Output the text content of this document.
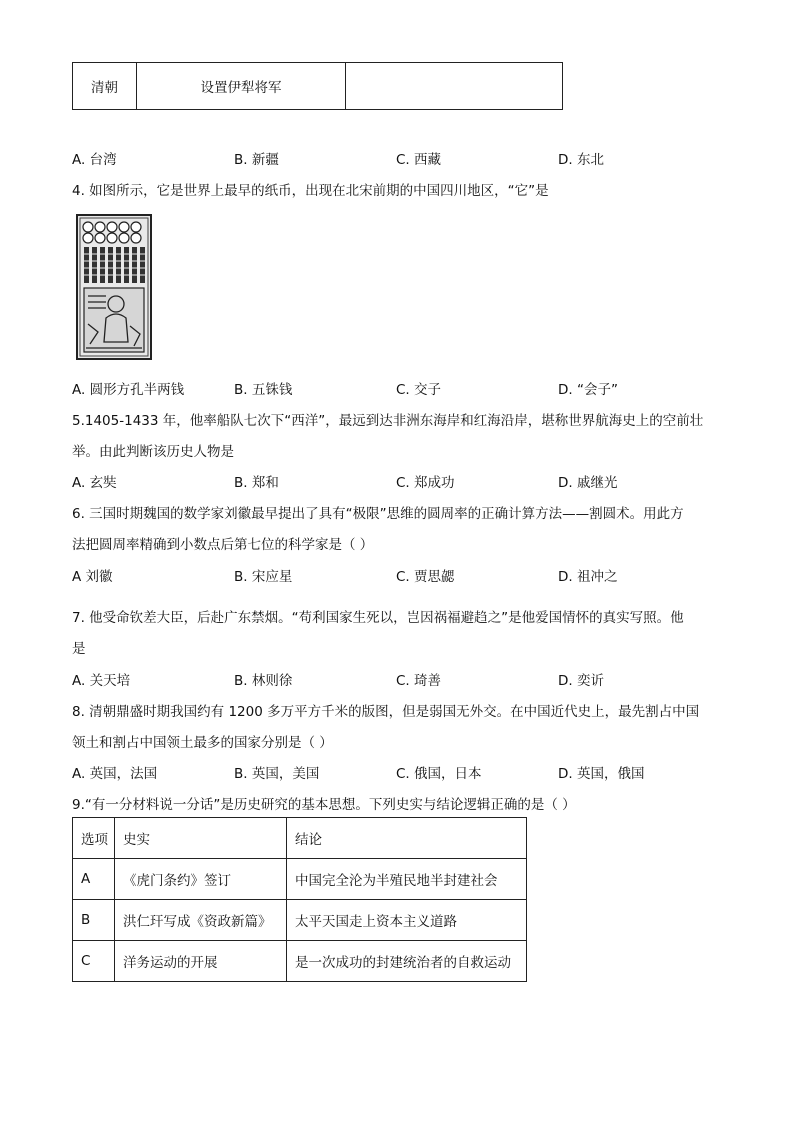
清朝	设置伊犁将军	
A. 台湾	B. 新疆	C. 西藏	D. 东北
4. 如图所示，它是世界上最早的纸币，出现在北宋前期的中国四川地区，“它”是
A. 圆形方孔半两钱	B. 五铢钱	C. 交子	D. “会子”
5.1405-1433 年，他率船队七次下“西洋”，最远到达非洲东海岸和红海沿岸，堪称世界航海史上的空前壮
举。由此判断该历史人物是
A. 玄奘	B. 郑和	C. 郑成功	D. 戚继光
6. 三国时期魏国的数学家刘徽最早提出了具有“极限”思维的圆周率的正确计算方法——割圆术。用此方
法把圆周率精确到小数点后第七位的科学家是（ ）
A 刘徽	B. 宋应星	C. 贾思勰	D. 祖冲之
7. 他受命钦差大臣，后赴广东禁烟。“苟利国家生死以，岂因祸福避趋之”是他爱国情怀的真实写照。他
是
A. 关天培	B. 林则徐	C. 琦善	D. 奕䜣
8. 清朝鼎盛时期我国约有 1200 多万平方千米的版图，但是弱国无外交。在中国近代史上，最先割占中国
领土和割占中国领土最多的国家分别是（ ）
A. 英国，法国	B. 英国，美国	C. 俄国，日本	D. 英国，俄国
9.“有一分材料说一分话”是历史研究的基本思想。下列史实与结论逻辑正确的是（ ）
选项	史实	结论
A	《虎门条约》签订	中国完全沦为半殖民地半封建社会
B	洪仁玕写成《资政新篇》	太平天国走上资本主义道路
C	洋务运动的开展	是一次成功的封建统治者的自救运动
